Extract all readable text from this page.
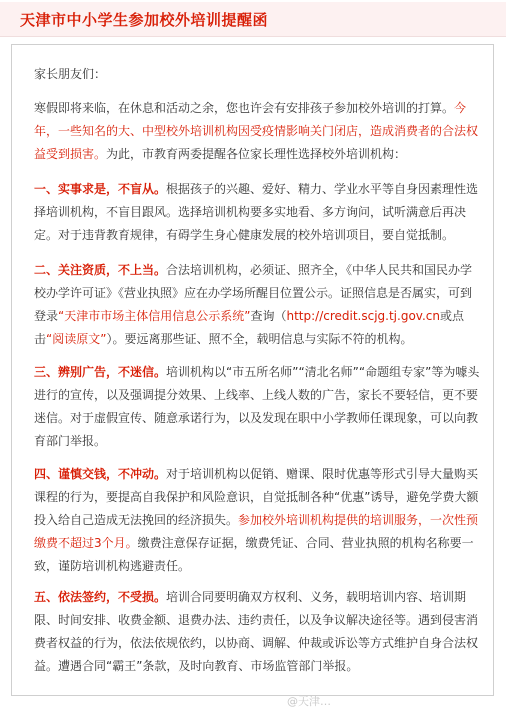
天津市中小学生参加校外培训提醒函
家长朋友们：
寒假即将来临，在休息和活动之余，您也许会有安排孩子参加校外培训的打算。今年，一些知名的大、中型校外培训机构因受疫情影响关门闭店，造成消费者的合法权益受到损害。为此，市教育两委提醒各位家长理性选择校外培训机构：
一、实事求是，不盲从。根据孩子的兴趣、爱好、精力、学业水平等自身因素理性选择培训机构，不盲目跟风。选择培训机构要多实地看、多方询问，试听满意后再决定。对于违背教育规律，有碍学生身心健康发展的校外培训项目，要自觉抵制。
二、关注资质，不上当。合法培训机构，必须证、照齐全，《中华人民共和国民办学校办学许可证》《营业执照》应在办学场所醒目位置公示。证照信息是否属实，可到登录“天津市市场主体信用信息公示系统”查询（http://credit.scjg.tj.gov.cn或点击“阅读原文”）。要远离那些证、照不全，载明信息与实际不符的机构。
三、辨别广告，不迷信。培训机构以“市五所名师”“清北名师”“命题组专家”等为噱头进行的宣传，以及强调提分效果、上线率、上线人数的广告，家长不要轻信，更不要迷信。对于虚假宣传、随意承诺行为，以及发现在职中小学教师任课现象，可以向教育部门举报。
四、谨慎交钱，不冲动。对于培训机构以促销、赠课、限时优惠等形式引导大量购买课程的行为，要提高自我保护和风险意识，自觉抵制各种“优惠”诱导，避免学费大额投入给自己造成无法挽回的经济损失。参加校外培训机构提供的培训服务，一次性预缴费不超过3个月。缴费注意保存证据，缴费凭证、合同、营业执照的机构名称要一致，谨防培训机构逃避责任。
五、依法签约，不受损。培训合同要明确双方权利、义务，载明培训内容、培训期限、时间安排、收费金额、退费办法、违约责任，以及争议解决途径等。遇到侵害消费者权益的行为，依法依规依约，以协商、调解、仲裁或诉讼等方式维护自身合法权益。遭遇合同“霸王”条款，及时向教育、市场监管部门举报。
@天津…
